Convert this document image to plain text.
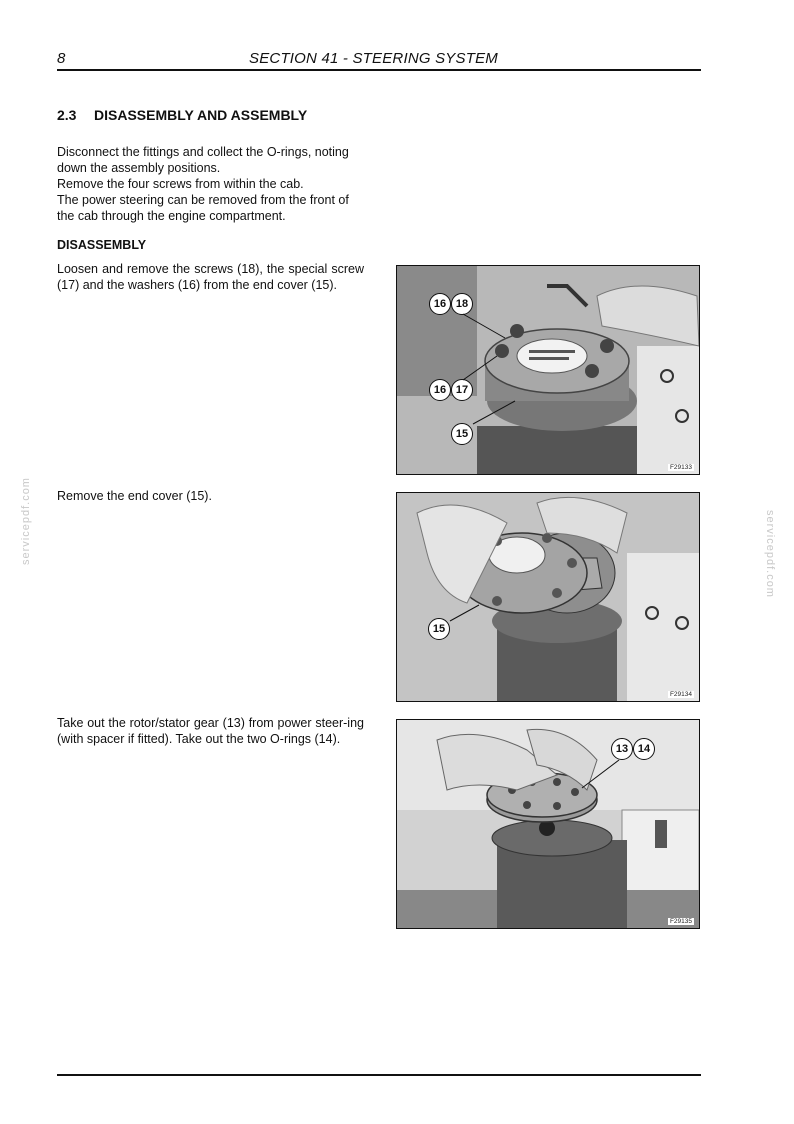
8	SECTION 41 - STEERING SYSTEM
servicepdf.com	servicepdf.com
2.3 DISASSEMBLY AND ASSEMBLY

Disconnect the fittings and collect the O-rings, noting

down the assembly positions.

Remove the four screws from within the cab.

The power steering can be removed from the front of

the cab through the engine compartment.

DISASSEMBLY

Loosen and remove the screws (18), the special screw (17) and the washers (16) from the end cover (15).

Remove the end cover (15).

Take out the rotor/stator gear (13) from power steer-ing (with spacer if fitted). Take out the two O-rings (14).

16 18
16 17
15
F29133
15
F29134
13 14
F29135
